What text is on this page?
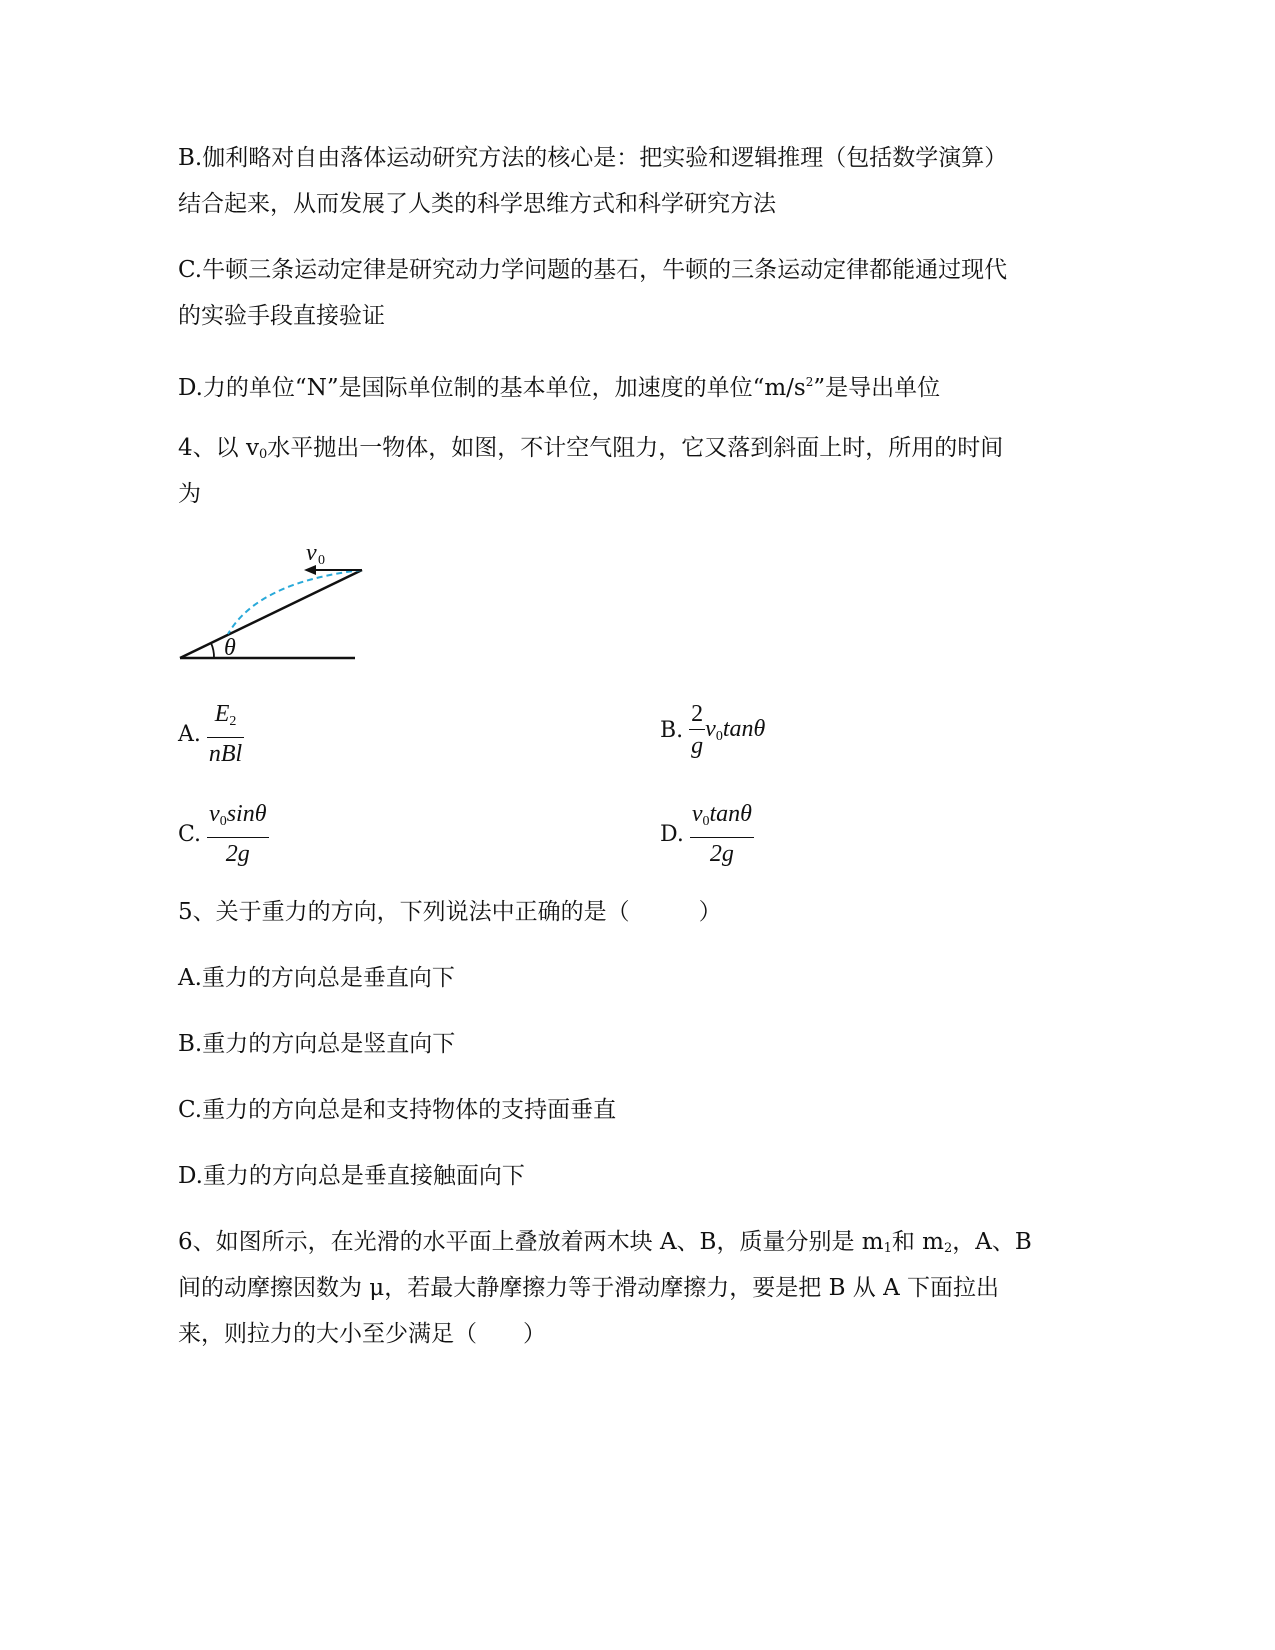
B.伽利略对自由落体运动研究方法的核心是：把实验和逻辑推理（包括数学演算）
结合起来，从而发展了人类的科学思维方式和科学研究方法
C.牛顿三条运动定律是研究动力学问题的基石，牛顿的三条运动定律都能通过现代
的实验手段直接验证
D.力的单位“N”是国际单位制的基本单位，加速度的单位“$m/s^2$”是导出单位
4、以 $v_0$水平抛出一物体，如图，不计空气阻力，它又落到斜面上时，所用的时间
为
v 0
θ
A. $\frac{E2}{\text{nBl}}$	B. $\frac{2}{g} v0\tan\theta$
C. $\frac{v0\sin\theta}{2g}$	D. $\frac{v0\tan\theta}{2g}$
5、关于重力的方向，下列说法中正确的是（　　　）
A.重力的方向总是垂直向下
B.重力的方向总是竖直向下
C.重力的方向总是和支持物体的支持面垂直
D.重力的方向总是垂直接触面向下
6、如图所示，在光滑的水平面上叠放着两木块 A、B，质量分别是 $m_1$和 $m_2$，A、B
间的动摩擦因数为 μ，若最大静摩擦力等于滑动摩擦力，要是把 B 从 A 下面拉出
来，则拉力的大小至少满足（　　）
